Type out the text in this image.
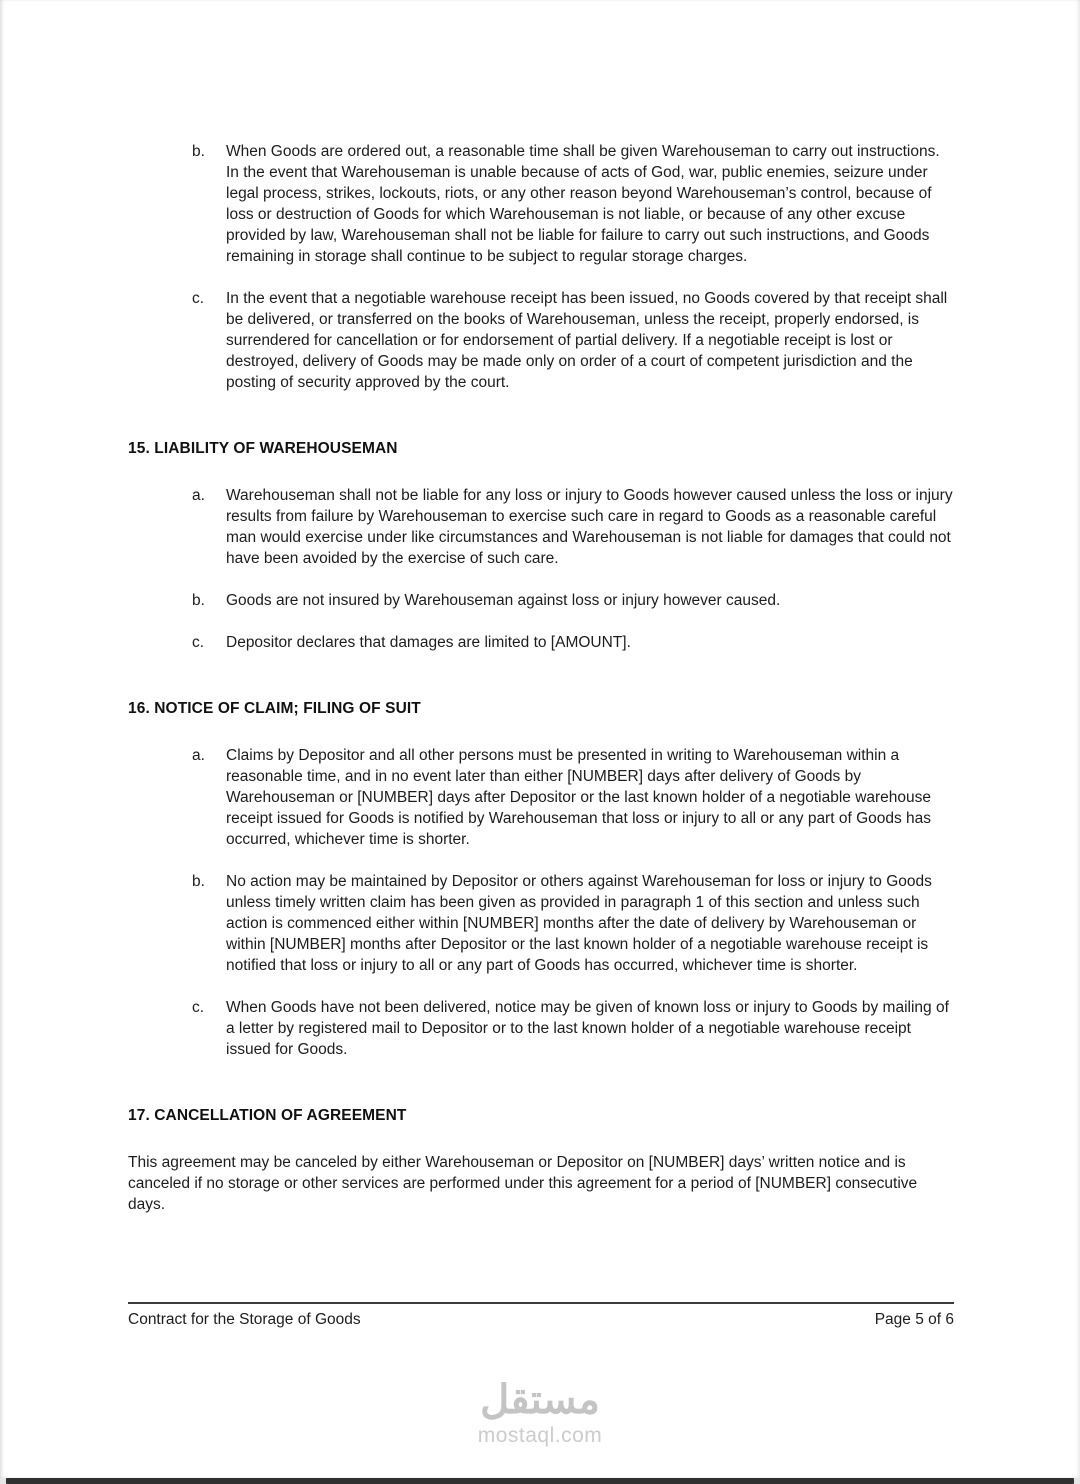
b.	When Goods are ordered out, a reasonable time shall be given Warehouseman to carry out instructions. In the event that Warehouseman is unable because of acts of God, war, public enemies, seizure under legal process, strikes, lockouts, riots, or any other reason beyond Warehouseman’s control, because of loss or destruction of Goods for which Warehouseman is not liable, or because of any other excuse provided by law, Warehouseman shall not be liable for failure to carry out such instructions, and Goods remaining in storage shall continue to be subject to regular storage charges.
c.	In the event that a negotiable warehouse receipt has been issued, no Goods covered by that receipt shall be delivered, or transferred on the books of Warehouseman, unless the receipt, properly endorsed, is surrendered for cancellation or for endorsement of partial delivery. If a negotiable receipt is lost or destroyed, delivery of Goods may be made only on order of a court of competent jurisdiction and the posting of security approved by the court.
15. LIABILITY OF WAREHOUSEMAN
a.	Warehouseman shall not be liable for any loss or injury to Goods however caused unless the loss or injury results from failure by Warehouseman to exercise such care in regard to Goods as a reasonable careful man would exercise under like circumstances and Warehouseman is not liable for damages that could not have been avoided by the exercise of such care.
b.	Goods are not insured by Warehouseman against loss or injury however caused.
c.	Depositor declares that damages are limited to [AMOUNT].
16. NOTICE OF CLAIM; FILING OF SUIT
a.	Claims by Depositor and all other persons must be presented in writing to Warehouseman within a reasonable time, and in no event later than either [NUMBER] days after delivery of Goods by Warehouseman or [NUMBER] days after Depositor or the last known holder of a negotiable warehouse receipt issued for Goods is notified by Warehouseman that loss or injury to all or any part of Goods has occurred, whichever time is shorter.
b.	No action may be maintained by Depositor or others against Warehouseman for loss or injury to Goods unless timely written claim has been given as provided in paragraph 1 of this section and unless such action is commenced either within [NUMBER] months after the date of delivery by Warehouseman or within [NUMBER] months after Depositor or the last known holder of a negotiable warehouse receipt is notified that loss or injury to all or any part of Goods has occurred, whichever time is shorter.
c.	When Goods have not been delivered, notice may be given of known loss or injury to Goods by mailing of a letter by registered mail to Depositor or to the last known holder of a negotiable warehouse receipt issued for Goods.
17. CANCELLATION OF AGREEMENT

This agreement may be canceled by either Warehouseman or Depositor on [NUMBER] days’ written notice and is canceled if no storage or other services are performed under this agreement for a period of [NUMBER] consecutive days.

Contract for the Storage of Goods	Page 5 of 6
مستقل
mostaql.com
